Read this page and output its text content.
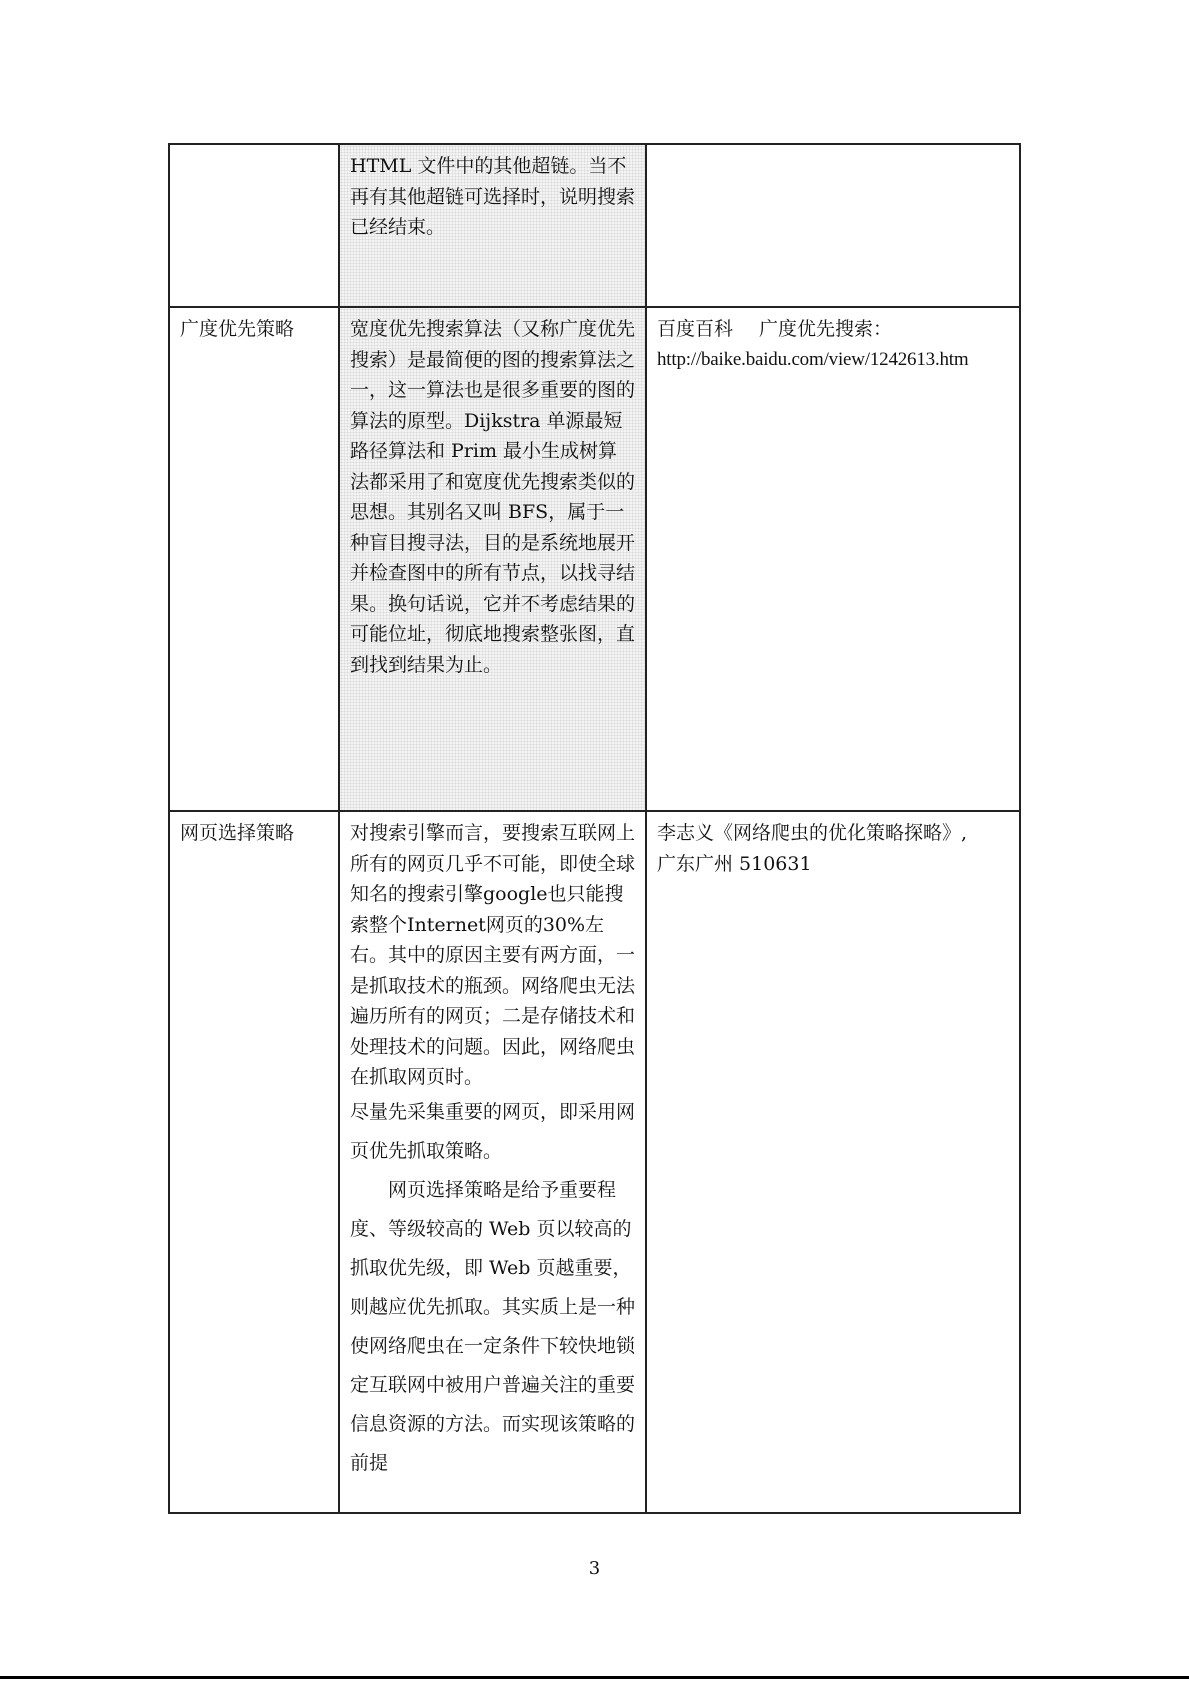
	HTML 文件中的其他超链。当不再有其他超链可选择时，说明搜索已经结束。	

广度优先策略	宽度优先搜索算法（又称广度优先搜索）是最简便的图的搜索算法之一，这一算法也是很多重要的图的算法的原型。Dijkstra 单源最短路径算法和 Prim 最小生成树算法都采用了和宽度优先搜索类似的思想。其别名又叫 BFS，属于一种盲目搜寻法，目的是系统地展开并检查图中的所有节点，以找寻结果。换句话说，它并不考虑结果的可能位址，彻底地搜索整张图，直到找到结果为止。	百度百科 广度优先搜索：
http://baike.baidu.com/view/1242613.htm

网页选择策略	对搜索引擎而言，要搜索互联网上所有的网页几乎不可能，即使全球知名的搜索引擎google也只能搜索整个Internet网页的30%左右。其中的原因主要有两方面，一是抓取技术的瓶颈。网络爬虫无法遍历所有的网页；二是存储技术和处理技术的问题。因此，网络爬虫在抓取网页时。
尽量先采集重要的网页，即采用网页优先抓取策略。
网页选择策略是给予重要程度、等级较高的 Web 页以较高的抓取优先级，即 Web 页越重要，则越应优先抓取。其实质上是一种使网络爬虫在一定条件下较快地锁定互联网中被用户普遍关注的重要信息资源的方法。而实现该策略的前提	李志义《网络爬虫的优化策略探略》,
广东广州 510631
3
